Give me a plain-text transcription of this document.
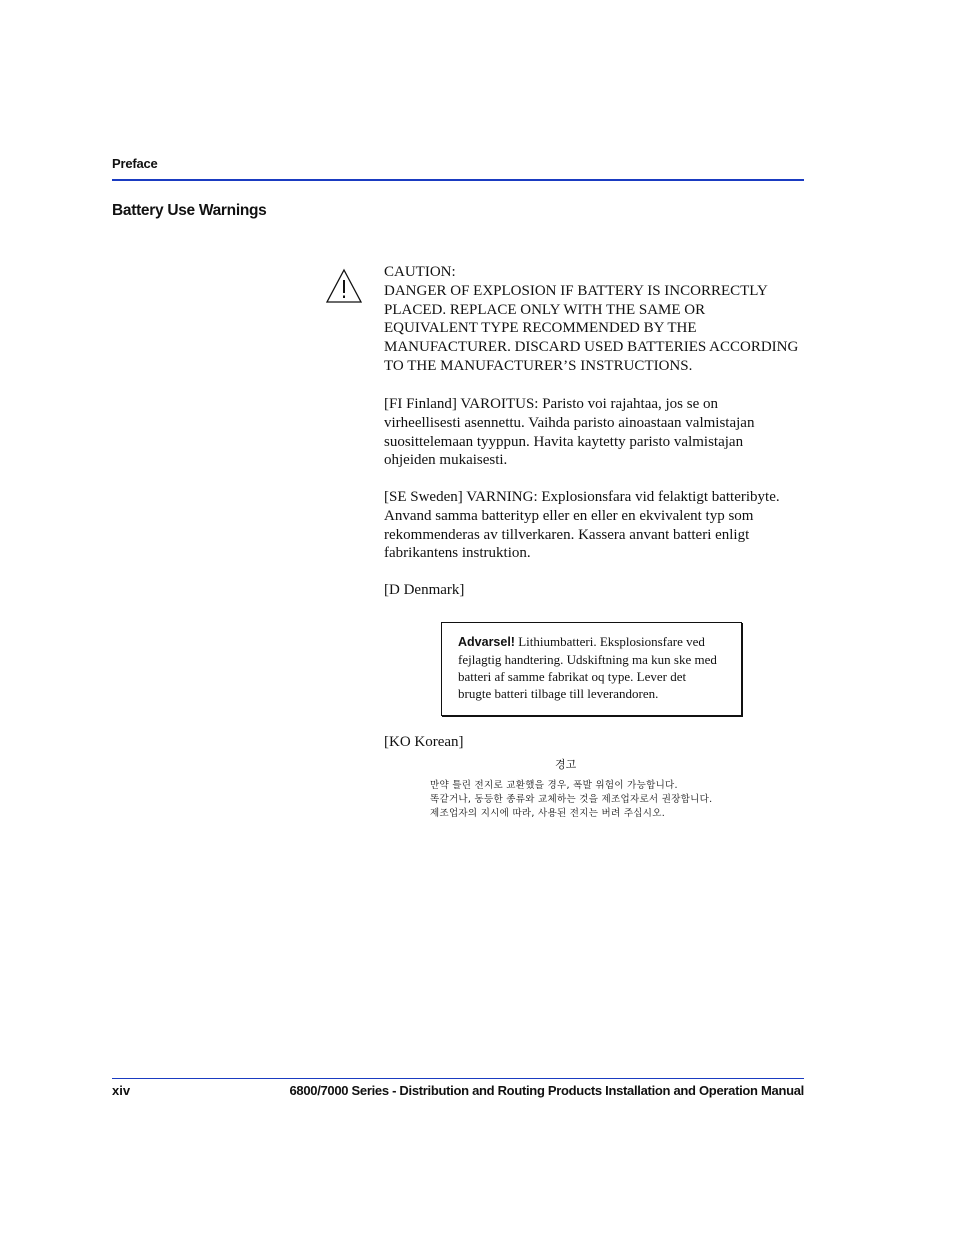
Preface
Battery Use Warnings
CAUTION:
DANGER OF EXPLOSION IF BATTERY IS INCORRECTLY
PLACED. REPLACE ONLY WITH THE SAME OR
EQUIVALENT TYPE RECOMMENDED BY THE
MANUFACTURER. DISCARD USED BATTERIES ACCORDING
TO THE MANUFACTURER’S INSTRUCTIONS.
[FI Finland] VAROITUS: Paristo voi rajahtaa, jos se on
virheellisesti asennettu. Vaihda paristo ainoastaan valmistajan
suosittelemaan tyyppun. Havita kaytetty paristo valmistajan
ohjeiden mukaisesti.
[SE Sweden] VARNING: Explosionsfara vid felaktigt batteribyte.
Anvand samma batterityp eller en eller en ekvivalent typ som
rekommenderas av tillverkaren. Kassera anvant batteri enligt
fabrikantens instruktion.
[D Denmark]
Advarsel! Lithiumbatteri. Eksplosionsfare ved
fejlagtig handtering. Udskiftning ma kun ske med
batteri af samme fabrikat oq type. Lever det
brugte batteri tilbage till leverandoren.
[KO Korean]
경고
만약 틀린 전지로 교환했을 경우, 폭발 위험이 가능합니다.
똑같거나, 동등한 종류와 교체하는 것을 제조업자로서 권장합니다.
제조업자의 지시에 따라, 사용된 전지는 버려 주십시오.
xiv	6800/7000 Series - Distribution and Routing Products Installation and Operation Manual
